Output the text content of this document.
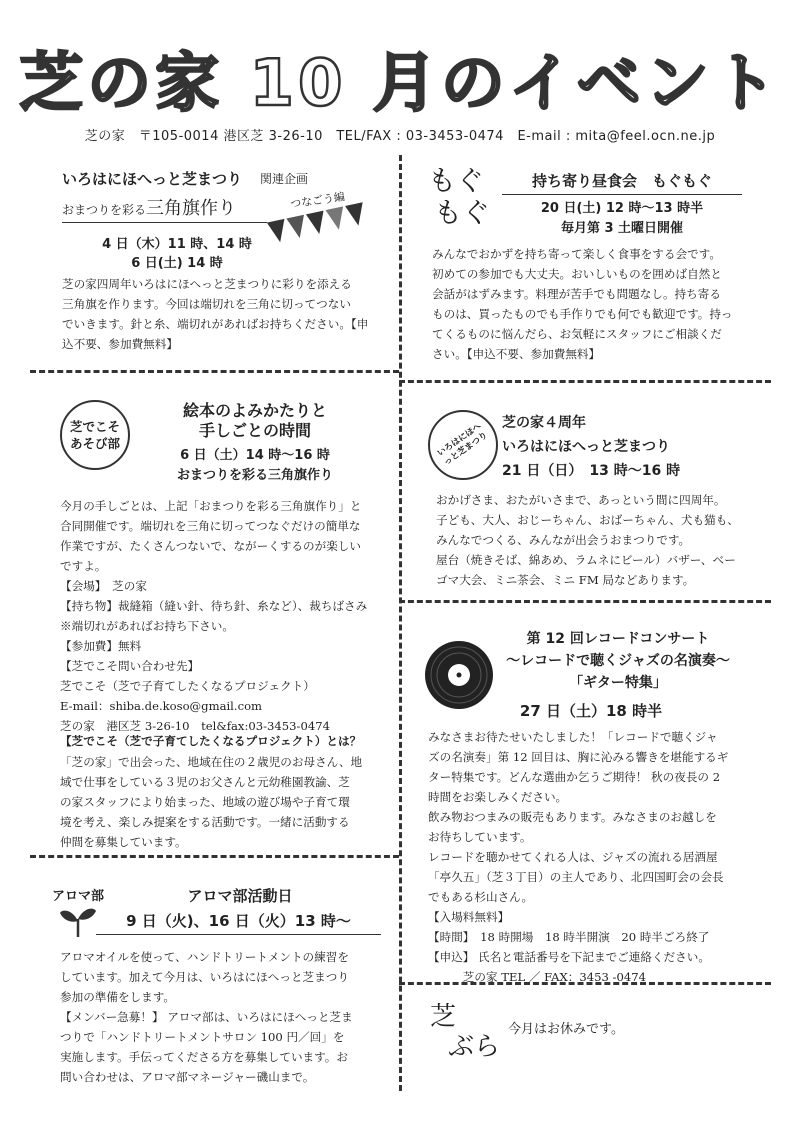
芝の家 10 月のイベント
芝の家　〒105-0014 港区芝 3-26-10　TEL/FAX : 03-3453-0474　E-mail : mita@feel.ocn.ne.jp
いろはにほへっと芝まつり 関連企画
おまつりを彩る三角旗作り	つなごう編
4 日（木）11 時、14 時
6 日(土) 14 時

芝の家四周年いろはにほへっと芝まつりに彩りを添える

三角旗を作ります。今回は端切れを三角に切ってつない

でいきます。針と糸、端切れがあればお持ちください。【申

込不要、参加費無料】

もぐ
もぐ
持ち寄り昼食会　もぐもぐ
20 日(土) 12 時～13 時半
毎月第 3 土曜日開催

みんなでおかずを持ち寄って楽しく食事をする会です。

初めての参加でも大丈夫。おいしいものを囲めば自然と

会話がはずみます。料理が苦手でも問題なし。持ち寄る

ものは、買ったものでも手作りでも何でも歓迎です。持っ

てくるものに悩んだら、お気軽にスタッフにご相談くだ

さい。【申込不要、参加費無料】

芝でこそ
あそび部
絵本のよみかたりと
手しごとの時間
6 日（土）14 時～16 時
おまつりを彩る三角旗作り

今月の手しごとは、上記「おまつりを彩る三角旗作り」と

合同開催です。端切れを三角に切ってつなぐだけの簡単な

作業ですが、たくさんつないで、ながーくするのが楽しい

ですよ。

【会場】　芝の家

【持ち物】裁縫箱（縫い針、待ち針、糸など）、裁ちばさみ

※端切れがあればお持ち下さい。

【参加費】無料

【芝でこそ問い合わせ先】

芝でこそ（芝で子育てしたくなるプロジェクト）

E-mail：shiba.de.koso@gmail.com

芝の家　港区芝 3-26-10　tel&fax:03-3453-0474

【芝でこそ（芝で子育てしたくなるプロジェクト）とは？

「芝の家」で出会った、地域在住の２歳児のお母さん、地

域で仕事をしている３児のお父さんと元幼稚園教諭、芝

の家スタッフにより始まった、地域の遊び場や子育て環

境を考え、楽しみ提案をする活動です。一緒に活動する

仲間を募集しています。

いろはにほへっと芝まつり
芝の家４周年
いろはにほへっと芝まつり
21 日（日）　13 時～16 時

おかげさま、おたがいさまで、あっという間に四周年。

子ども、大人、おじーちゃん、おばーちゃん、犬も猫も、

みんなでつくる、みんなが出会うおまつりです。

屋台（焼きそば、綿あめ、ラムネにビール）バザー、ベー

ゴマ大会、ミニ茶会、ミニ FM 局などあります。

第 12 回レコードコンサート
～レコードで聴くジャズの名演奏～
「ギター特集」
27 日（土）18 時半

みなさまお待たせいたしました！「レコードで聴くジャ

ズの名演奏」第 12 回目は、胸に沁みる響きを堪能するギ

ター特集です。どんな選曲か乞うご期待！ 秋の夜長の 2

時間をお楽しみください。

飲み物おつまみの販売もあります。みなさまのお越しを

お待ちしています。

レコードを聴かせてくれる人は、ジャズの流れる居酒屋

「亭久五」（芝３丁目）の主人であり、北四国町会の会長

でもある杉山さん。

【入場料無料】

【時間】　18 時開場　18 時半開演　20 時半ごろ終了

【申込】 氏名と電話番号を下記までご連絡ください。

　　　芝の家 TEL ／ FAX：3453 -0474

アロマ部	アロマ部活動日
9 日（火)、16 日（火）13 時～

アロマオイルを使って、ハンドトリートメントの練習を

しています。加えて今月は、いろはにほへっと芝まつり

参加の準備をします。

【メンバー急募！】 アロマ部は、いろはにほへっと芝ま

つりで「ハンドトリートメントサロン 100 円／回」を

実施します。手伝ってくださる方を募集しています。お

問い合わせは、アロマ部マネージャー磯山まで。

芝
ぶら
今月はお休みです。
